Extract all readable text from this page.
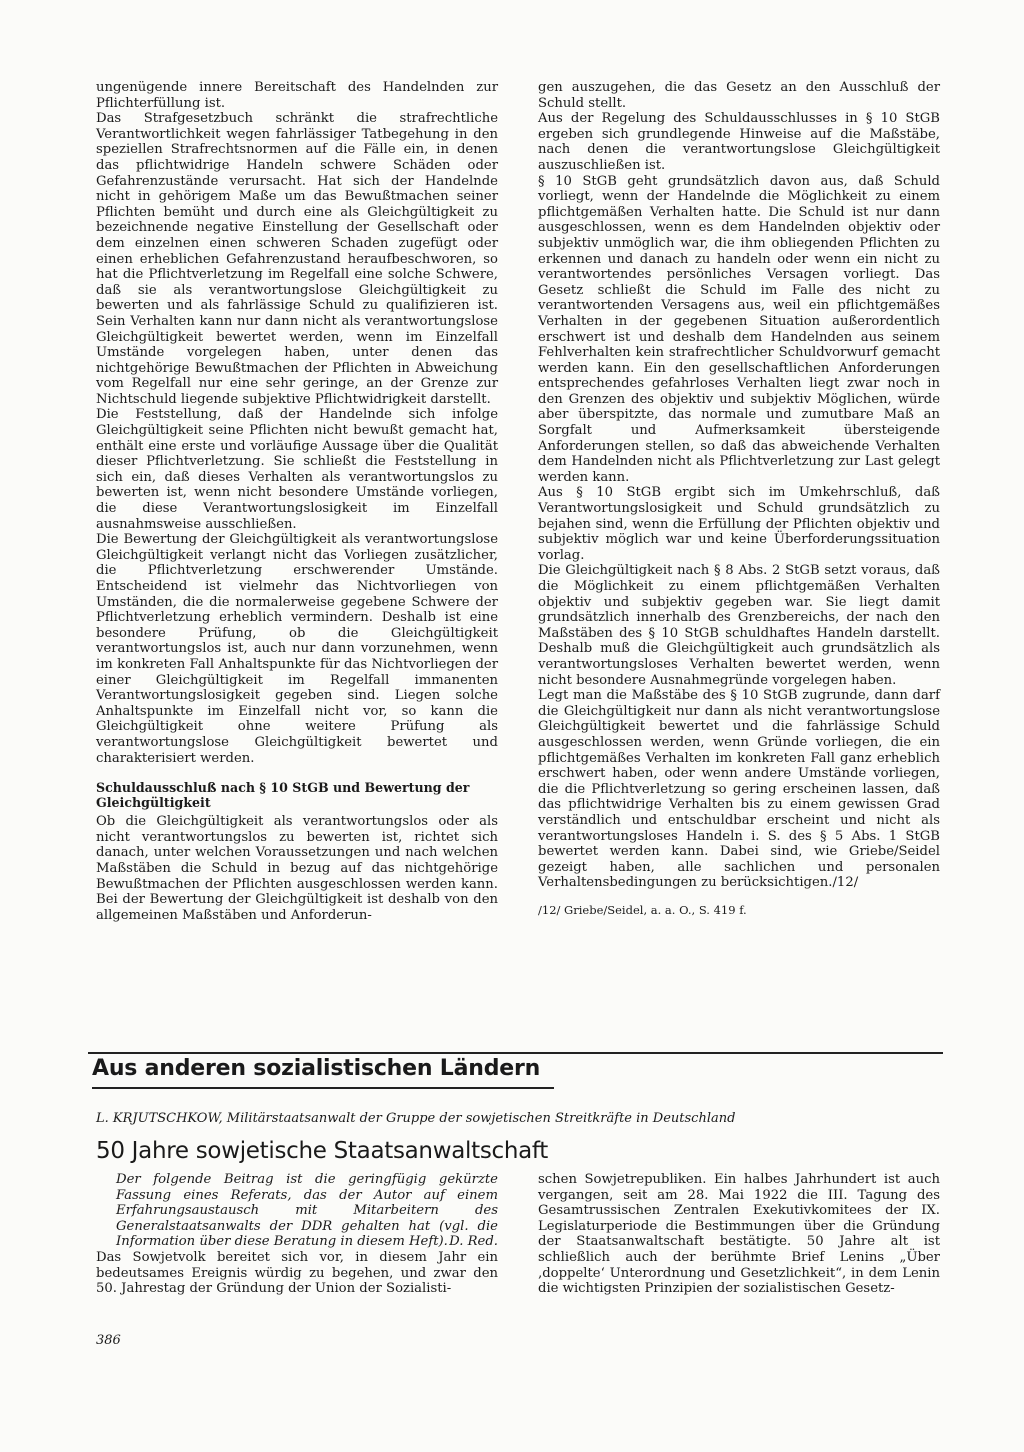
ungenügende innere Bereitschaft des Handelnden zur Pflichterfüllung ist.

Das Strafgesetzbuch schränkt die strafrechtliche Verantwortlichkeit wegen fahrlässiger Tatbegehung in den speziellen Strafrechtsnormen auf die Fälle ein, in denen das pflichtwidrige Handeln schwere Schäden oder Gefahrenzustände verursacht. Hat sich der Handelnde nicht in gehörigem Maße um das Bewußtmachen seiner Pflichten bemüht und durch eine als Gleichgültigkeit zu bezeichnende negative Einstellung der Gesellschaft oder dem einzelnen einen schweren Schaden zugefügt oder einen erheblichen Gefahrenzustand heraufbeschworen, so hat die Pflichtverletzung im Regelfall eine solche Schwere, daß sie als verantwortungslose Gleichgültigkeit zu bewerten und als fahrlässige Schuld zu qualifizieren ist. Sein Verhalten kann nur dann nicht als verantwortungslose Gleichgültigkeit bewertet werden, wenn im Einzelfall Umstände vorgelegen haben, unter denen das nichtgehörige Bewußtmachen der Pflichten in Abweichung vom Regelfall nur eine sehr geringe, an der Grenze zur Nichtschuld liegende subjektive Pflichtwidrigkeit darstellt.

Die Feststellung, daß der Handelnde sich infolge Gleichgültigkeit seine Pflichten nicht bewußt gemacht hat, enthält eine erste und vorläufige Aussage über die Qualität dieser Pflichtverletzung. Sie schließt die Feststellung in sich ein, daß dieses Verhalten als verantwortungslos zu bewerten ist, wenn nicht besondere Umstände vorliegen, die diese Verantwortungslosigkeit im Einzelfall ausnahmsweise ausschließen.

Die Bewertung der Gleichgültigkeit als verantwortungslose Gleichgültigkeit verlangt nicht das Vorliegen zusätzlicher, die Pflichtverletzung erschwerender Umstände. Entscheidend ist vielmehr das Nichtvorliegen von Umständen, die die normalerweise gegebene Schwere der Pflichtverletzung erheblich vermindern. Deshalb ist eine besondere Prüfung, ob die Gleichgültigkeit verantwortungslos ist, auch nur dann vorzunehmen, wenn im konkreten Fall Anhaltspunkte für das Nichtvorliegen der einer Gleichgültigkeit im Regelfall immanenten Verantwortungslosigkeit gegeben sind. Liegen solche Anhaltspunkte im Einzelfall nicht vor, so kann die Gleichgültigkeit ohne weitere Prüfung als verantwortungslose Gleichgültigkeit bewertet und charakterisiert werden.

Schuldausschluß nach § 10 StGB und Bewertung der Gleichgültigkeit

Ob die Gleichgültigkeit als verantwortungslos oder als nicht verantwortungslos zu bewerten ist, richtet sich danach, unter welchen Voraussetzungen und nach welchen Maßstäben die Schuld in bezug auf das nichtgehörige Bewußtmachen der Pflichten ausgeschlossen werden kann. Bei der Bewertung der Gleichgültigkeit ist deshalb von den allgemeinen Maßstäben und Anforderun-

gen auszugehen, die das Gesetz an den Ausschluß der Schuld stellt.

Aus der Regelung des Schuldausschlusses in § 10 StGB ergeben sich grundlegende Hinweise auf die Maßstäbe, nach denen die verantwortungslose Gleichgültigkeit auszuschließen ist.

§ 10 StGB geht grundsätzlich davon aus, daß Schuld vorliegt, wenn der Handelnde die Möglichkeit zu einem pflichtgemäßen Verhalten hatte. Die Schuld ist nur dann ausgeschlossen, wenn es dem Handelnden objektiv oder subjektiv unmöglich war, die ihm obliegenden Pflichten zu erkennen und danach zu handeln oder wenn ein nicht zu verantwortendes persönliches Versagen vorliegt. Das Gesetz schließt die Schuld im Falle des nicht zu verantwortenden Versagens aus, weil ein pflichtgemäßes Verhalten in der gegebenen Situation außerordentlich erschwert ist und deshalb dem Handelnden aus seinem Fehlverhalten kein strafrechtlicher Schuldvorwurf gemacht werden kann. Ein den gesellschaftlichen Anforderungen entsprechendes gefahrloses Verhalten liegt zwar noch in den Grenzen des objektiv und subjektiv Möglichen, würde aber überspitzte, das normale und zumutbare Maß an Sorgfalt und Aufmerksamkeit übersteigende Anforderungen stellen, so daß das abweichende Verhalten dem Handelnden nicht als Pflichtverletzung zur Last gelegt werden kann.

Aus § 10 StGB ergibt sich im Umkehrschluß, daß Verantwortungslosigkeit und Schuld grundsätzlich zu bejahen sind, wenn die Erfüllung der Pflichten objektiv und subjektiv möglich war und keine Überforderungssituation vorlag.

Die Gleichgültigkeit nach § 8 Abs. 2 StGB setzt voraus, daß die Möglichkeit zu einem pflichtgemäßen Verhalten objektiv und subjektiv gegeben war. Sie liegt damit grundsätzlich innerhalb des Grenzbereichs, der nach den Maßstäben des § 10 StGB schuldhaftes Handeln darstellt. Deshalb muß die Gleichgültigkeit auch grundsätzlich als verantwortungsloses Verhalten bewertet werden, wenn nicht besondere Ausnahmegründe vorgelegen haben.

Legt man die Maßstäbe des § 10 StGB zugrunde, dann darf die Gleichgültigkeit nur dann als nicht verantwortungslose Gleichgültigkeit bewertet und die fahrlässige Schuld ausgeschlossen werden, wenn Gründe vorliegen, die ein pflichtgemäßes Verhalten im konkreten Fall ganz erheblich erschwert haben, oder wenn andere Umstände vorliegen, die die Pflichtverletzung so gering erscheinen lassen, daß das pflichtwidrige Verhalten bis zu einem gewissen Grad verständlich und entschuldbar erscheint und nicht als verantwortungsloses Handeln i. S. des § 5 Abs. 1 StGB bewertet werden kann. Dabei sind, wie Griebe/Seidel gezeigt haben, alle sachlichen und personalen Verhaltensbedingungen zu berücksichtigen./12/

/12/ Griebe/Seidel, a. a. O., S. 419 f.

Aus anderen sozialistischen Ländern

L. KRJUTSCHKOW, Militärstaatsanwalt der Gruppe der sowjetischen Streitkräfte in Deutschland

50 Jahre sowjetische Staatsanwaltschaft

Der folgende Beitrag ist die geringfügig gekürzte Fassung eines Referats, das der Autor auf einem Erfahrungsaustausch mit Mitarbeitern des Generalstaatsanwalts der DDR gehalten hat (vgl. die Information über diese Beratung in diesem Heft). D. Red.

Das Sowjetvolk bereitet sich vor, in diesem Jahr ein bedeutsames Ereignis würdig zu begehen, und zwar den 50. Jahrestag der Gründung der Union der Sozialisti-

schen Sowjetrepubliken. Ein halbes Jahrhundert ist auch vergangen, seit am 28. Mai 1922 die III. Tagung des Gesamtrussischen Zentralen Exekutivkomitees der IX. Legislaturperiode die Bestimmungen über die Gründung der Staatsanwaltschaft bestätigte. 50 Jahre alt ist schließlich auch der berühmte Brief Lenins „Über ‚doppelte‘ Unterordnung und Gesetzlichkeit“, in dem Lenin die wichtigsten Prinzipien der sozialistischen Gesetz-

386
